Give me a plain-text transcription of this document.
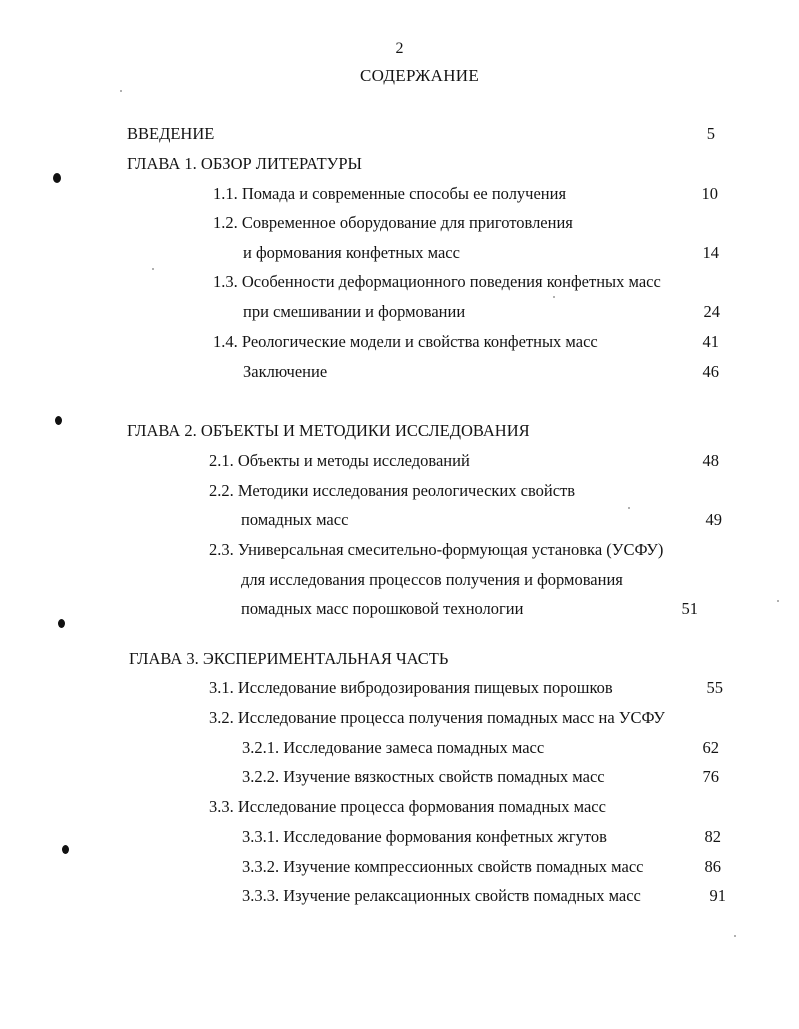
2
СОДЕРЖАНИЕ
ВВЕДЕНИЕ	5
ГЛАВА 1. ОБЗОР ЛИТЕРАТУРЫ
1.1. Помада и современные способы ее получения	10
1.2. Современное оборудование для приготовления
и формования конфетных масс	14
1.3. Особенности деформационного поведения конфетных масс
при смешивании и формовании	24
1.4. Реологические модели и свойства конфетных масс	41
Заключение	46
ГЛАВА 2. ОБЪЕКТЫ И МЕТОДИКИ ИССЛЕДОВАНИЯ
2.1. Объекты и методы исследований	48
2.2. Методики исследования реологических свойств
помадных масс	49
2.3. Универсальная смесительно-формующая установка (УСФУ)
для исследования процессов получения и формования
помадных масс порошковой технологии	51
ГЛАВА 3. ЭКСПЕРИМЕНТАЛЬНАЯ ЧАСТЬ
3.1. Исследование вибродозирования пищевых порошков	55
3.2. Исследование процесса получения помадных масс на УСФУ
3.2.1. Исследование замеса помадных масс	62
3.2.2. Изучение вязкостных свойств помадных масс	76
3.3. Исследование процесса формования помадных масс
3.3.1. Исследование формования конфетных жгутов	82
3.3.2. Изучение компрессионных свойств помадных масс	86
3.3.3. Изучение релаксационных свойств помадных масс	91
